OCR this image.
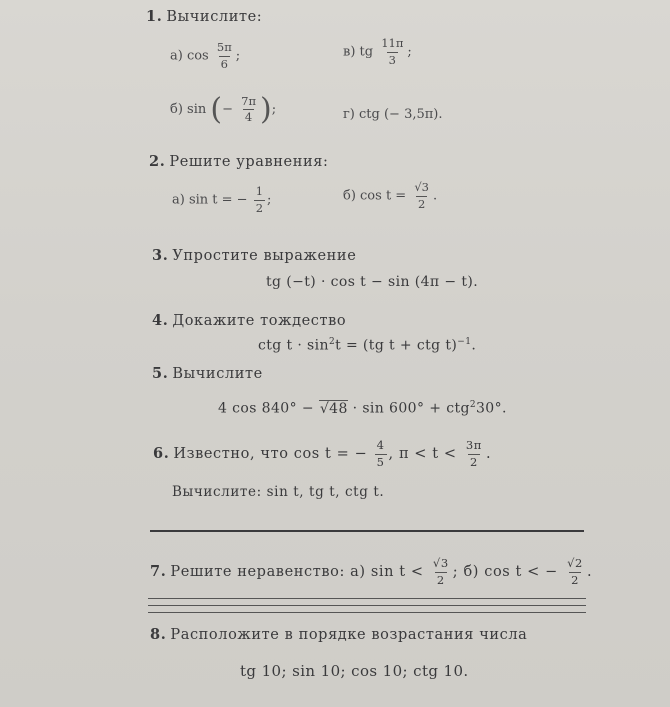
1. Вычислите:
а) $\cos \frac{5\pi}{6}$ ;	в) tg $\frac{11\pi}{3}$ ;
б) sin (− $\frac{7\pi}{4}$ );	г) ctg (− 3,5π).
2. Решите уравнения:
а) sin t = − $\frac{1}{2}$ ;	б) $\cos t = \frac{√3}{2}$ .
3. Упростите выражение
tg (−t) · cos t − sin (4π − t).
4. Докажите тождество
ctg $t \cdot \sin^2t = (tg$ t + ctg t)$^{-1}$.
5. Вычислите
4 cos 840° − √48 · sin 600° + ctg$^2$30°.
6. Известно, что cos t = − $\frac{4}{5}$ , $\pi < t < \frac{3\pi}{2}$ .
Вычислите: sin t, tg t, ctg t.
7. Решите неравенство: а) $\sin t < \frac{√3}{2}$ ; б) cos t < − $\frac{√2}{2}$ .
8. Расположите в порядке возрастания числа
tg 10; sin 10; cos 10; ctg 10.
